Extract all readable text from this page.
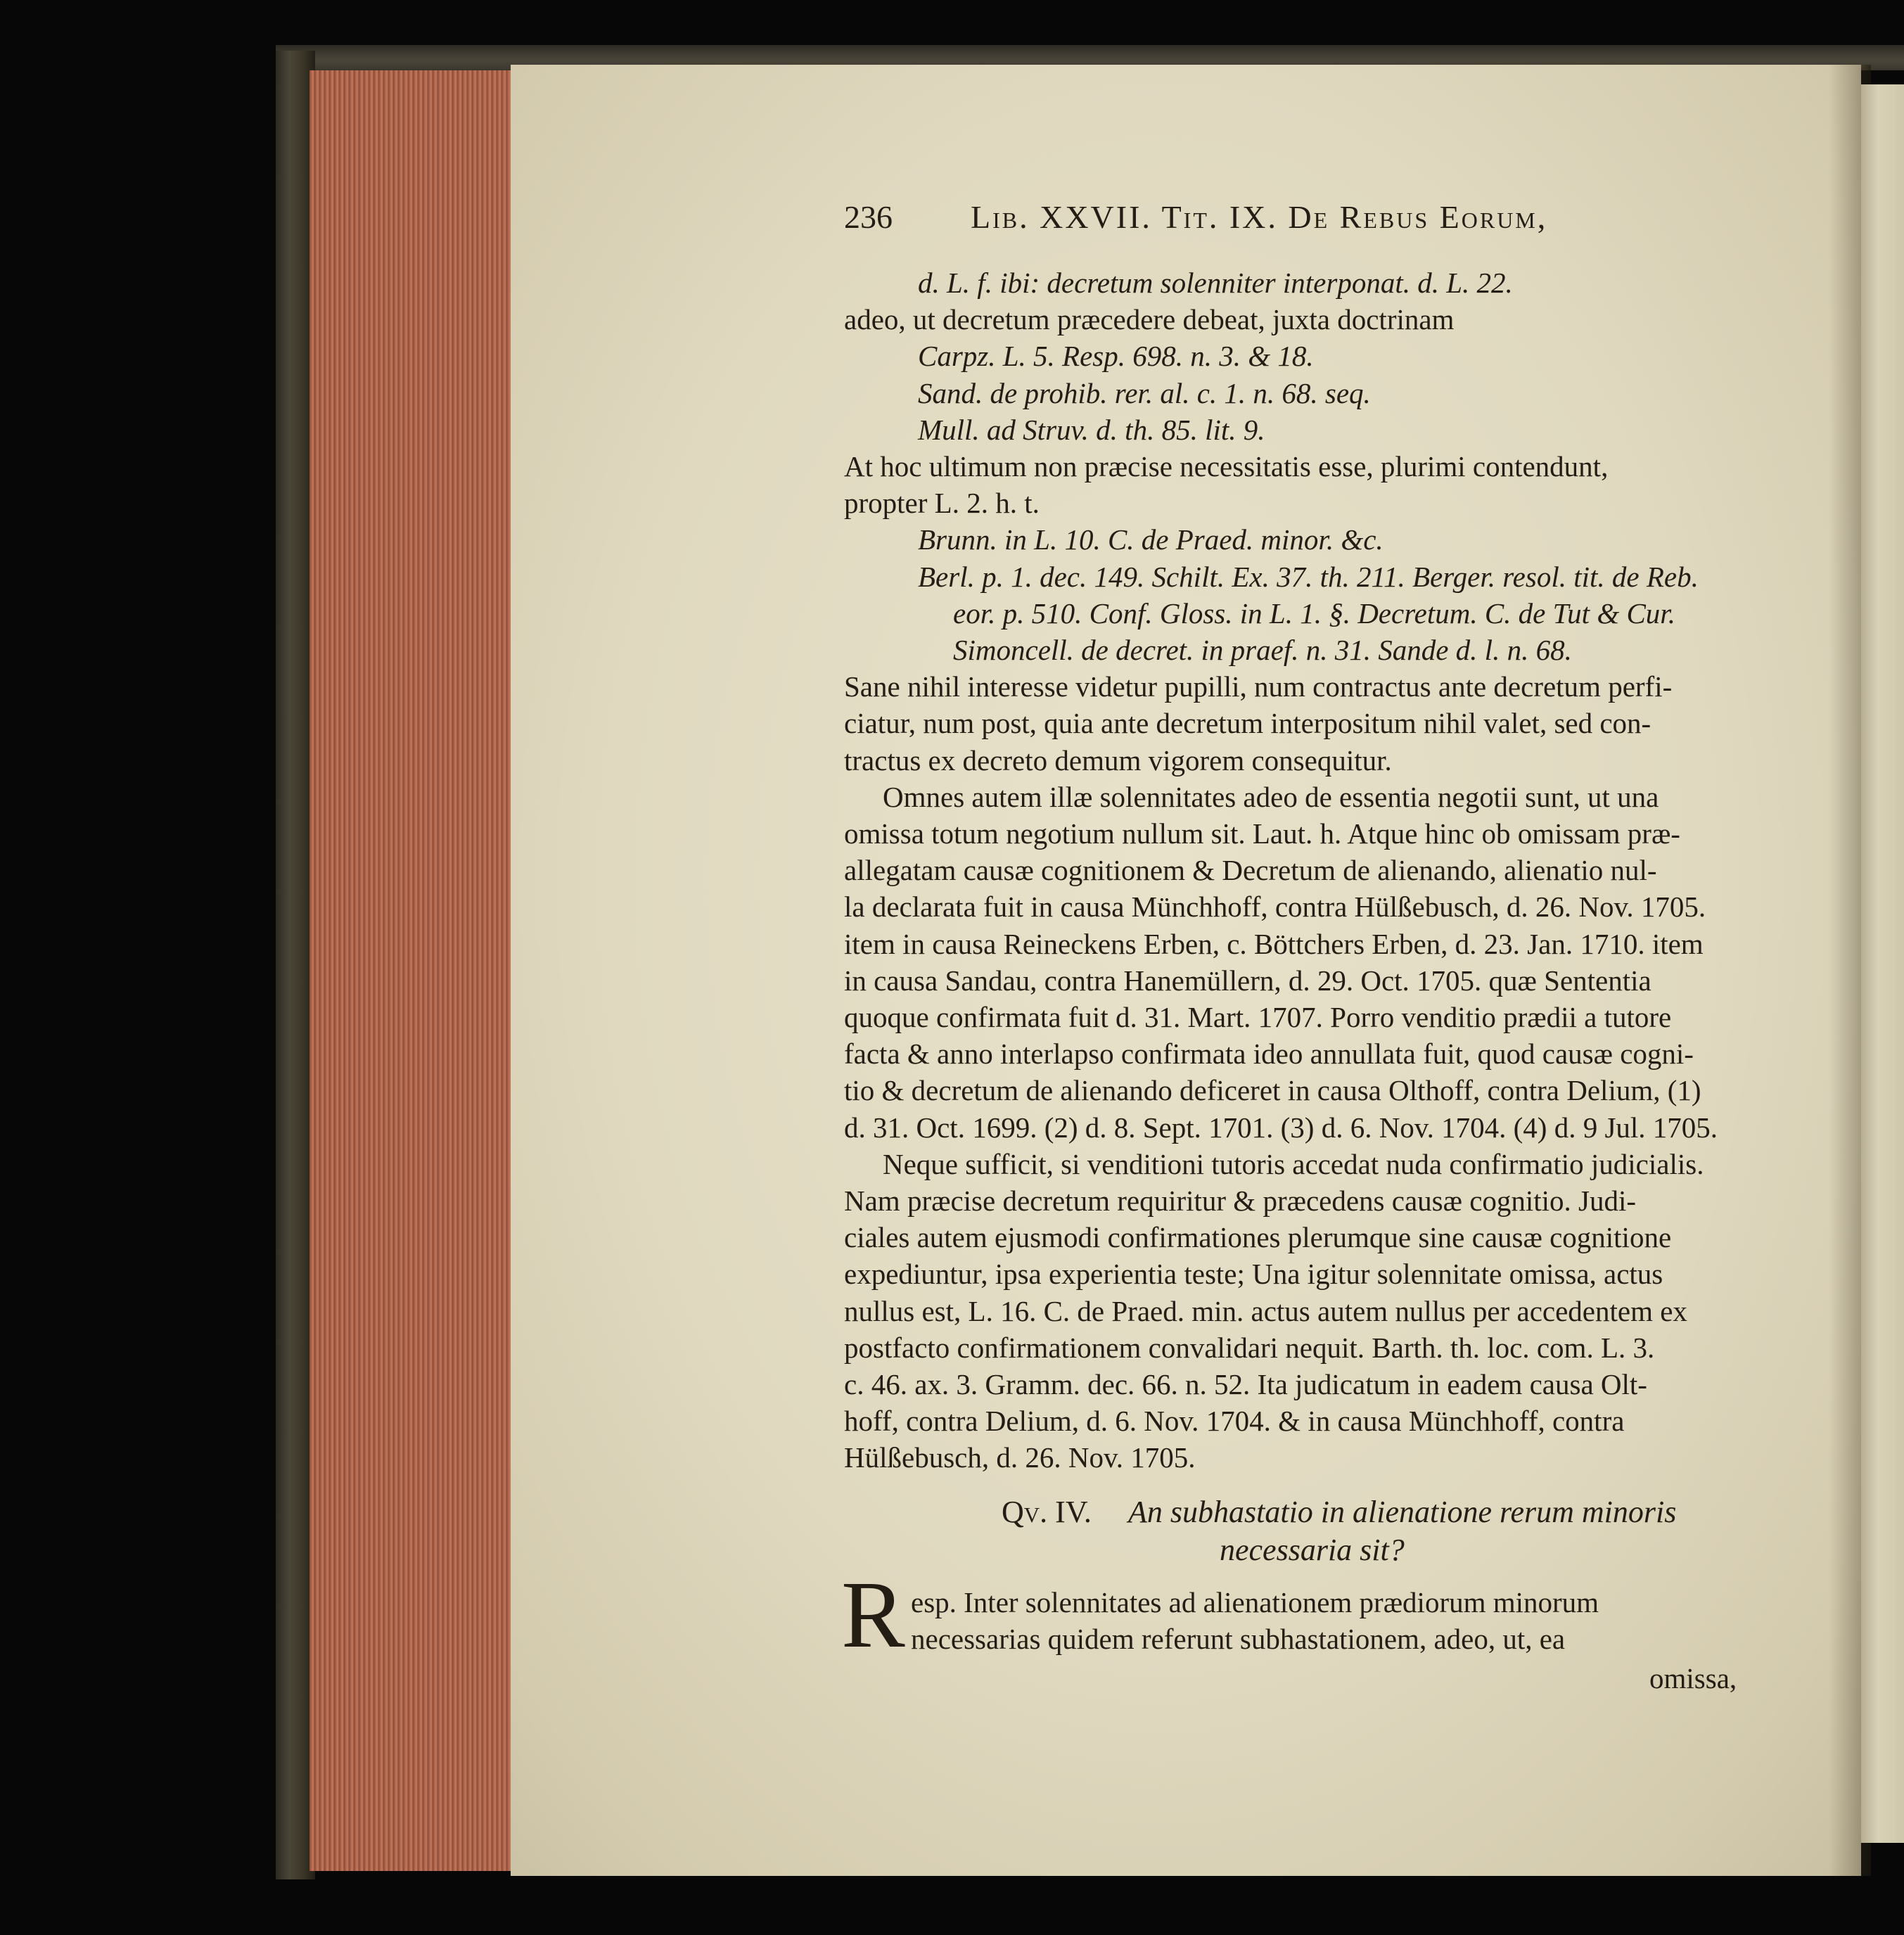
236 Lib. XXVII. Tit. IX. De Rebus Eorum,
d. L. f. ibi: decretum solenniter interponat. d. L. 22.
adeo, ut decretum præcedere debeat, juxta doctrinam
Carpz. L. 5. Resp. 698. n. 3. & 18.
Sand. de prohib. rer. al. c. 1. n. 68. seq.
Mull. ad Struv. d. th. 85. lit. 9.
At hoc ultimum non præcise necessitatis esse, plurimi contendunt,
propter L. 2. h. t.
Brunn. in L. 10. C. de Praed. minor. &c.
Berl. p. 1. dec. 149. Schilt. Ex. 37. th. 211. Berger. resol. tit. de Reb.
eor. p. 510. Conf. Gloss. in L. 1. §. Decretum. C. de Tut & Cur.
Simoncell. de decret. in praef. n. 31. Sande d. l. n. 68.
Sane nihil interesse videtur pupilli, num contractus ante decretum perfi-
ciatur, num post, quia ante decretum interpositum nihil valet, sed con-
tractus ex decreto demum vigorem consequitur.
Omnes autem illæ solennitates adeo de essentia negotii sunt, ut una
omissa totum negotium nullum sit. Laut. h. Atque hinc ob omissam præ-
allegatam causæ cognitionem & Decretum de alienando, alienatio nul-
la declarata fuit in causa Münchhoff, contra Hülßebusch, d. 26. Nov. 1705.
item in causa Reineckens Erben, c. Böttchers Erben, d. 23. Jan. 1710. item
in causa Sandau, contra Hanemüllern, d. 29. Oct. 1705. quæ Sententia
quoque confirmata fuit d. 31. Mart. 1707. Porro venditio prædii a tutore
facta & anno interlapso confirmata ideo annullata fuit, quod causæ cogni-
tio & decretum de alienando deficeret in causa Olthoff, contra Delium, (1)
d. 31. Oct. 1699. (2) d. 8. Sept. 1701. (3) d. 6. Nov. 1704. (4) d. 9 Jul. 1705.
Neque sufficit, si venditioni tutoris accedat nuda confirmatio judicialis.
Nam præcise decretum requiritur & præcedens causæ cognitio. Judi-
ciales autem ejusmodi confirmationes plerumque sine causæ cognitione
expediuntur, ipsa experientia teste; Una igitur solennitate omissa, actus
nullus est, L. 16. C. de Praed. min. actus autem nullus per accedentem ex
postfacto confirmationem convalidari nequit. Barth. th. loc. com. L. 3.
c. 46. ax. 3. Gramm. dec. 66. n. 52. Ita judicatum in eadem causa Olt-
hoff, contra Delium, d. 6. Nov. 1704. & in causa Münchhoff, contra
Hülßebusch, d. 26. Nov. 1705.
Qv. IV. An subhastatio in alienatione rerum minoris
necessaria sit?
R esp. Inter solennitates ad alienationem prædiorum minorum
necessarias quidem referunt subhastationem, adeo, ut, ea
omissa,
